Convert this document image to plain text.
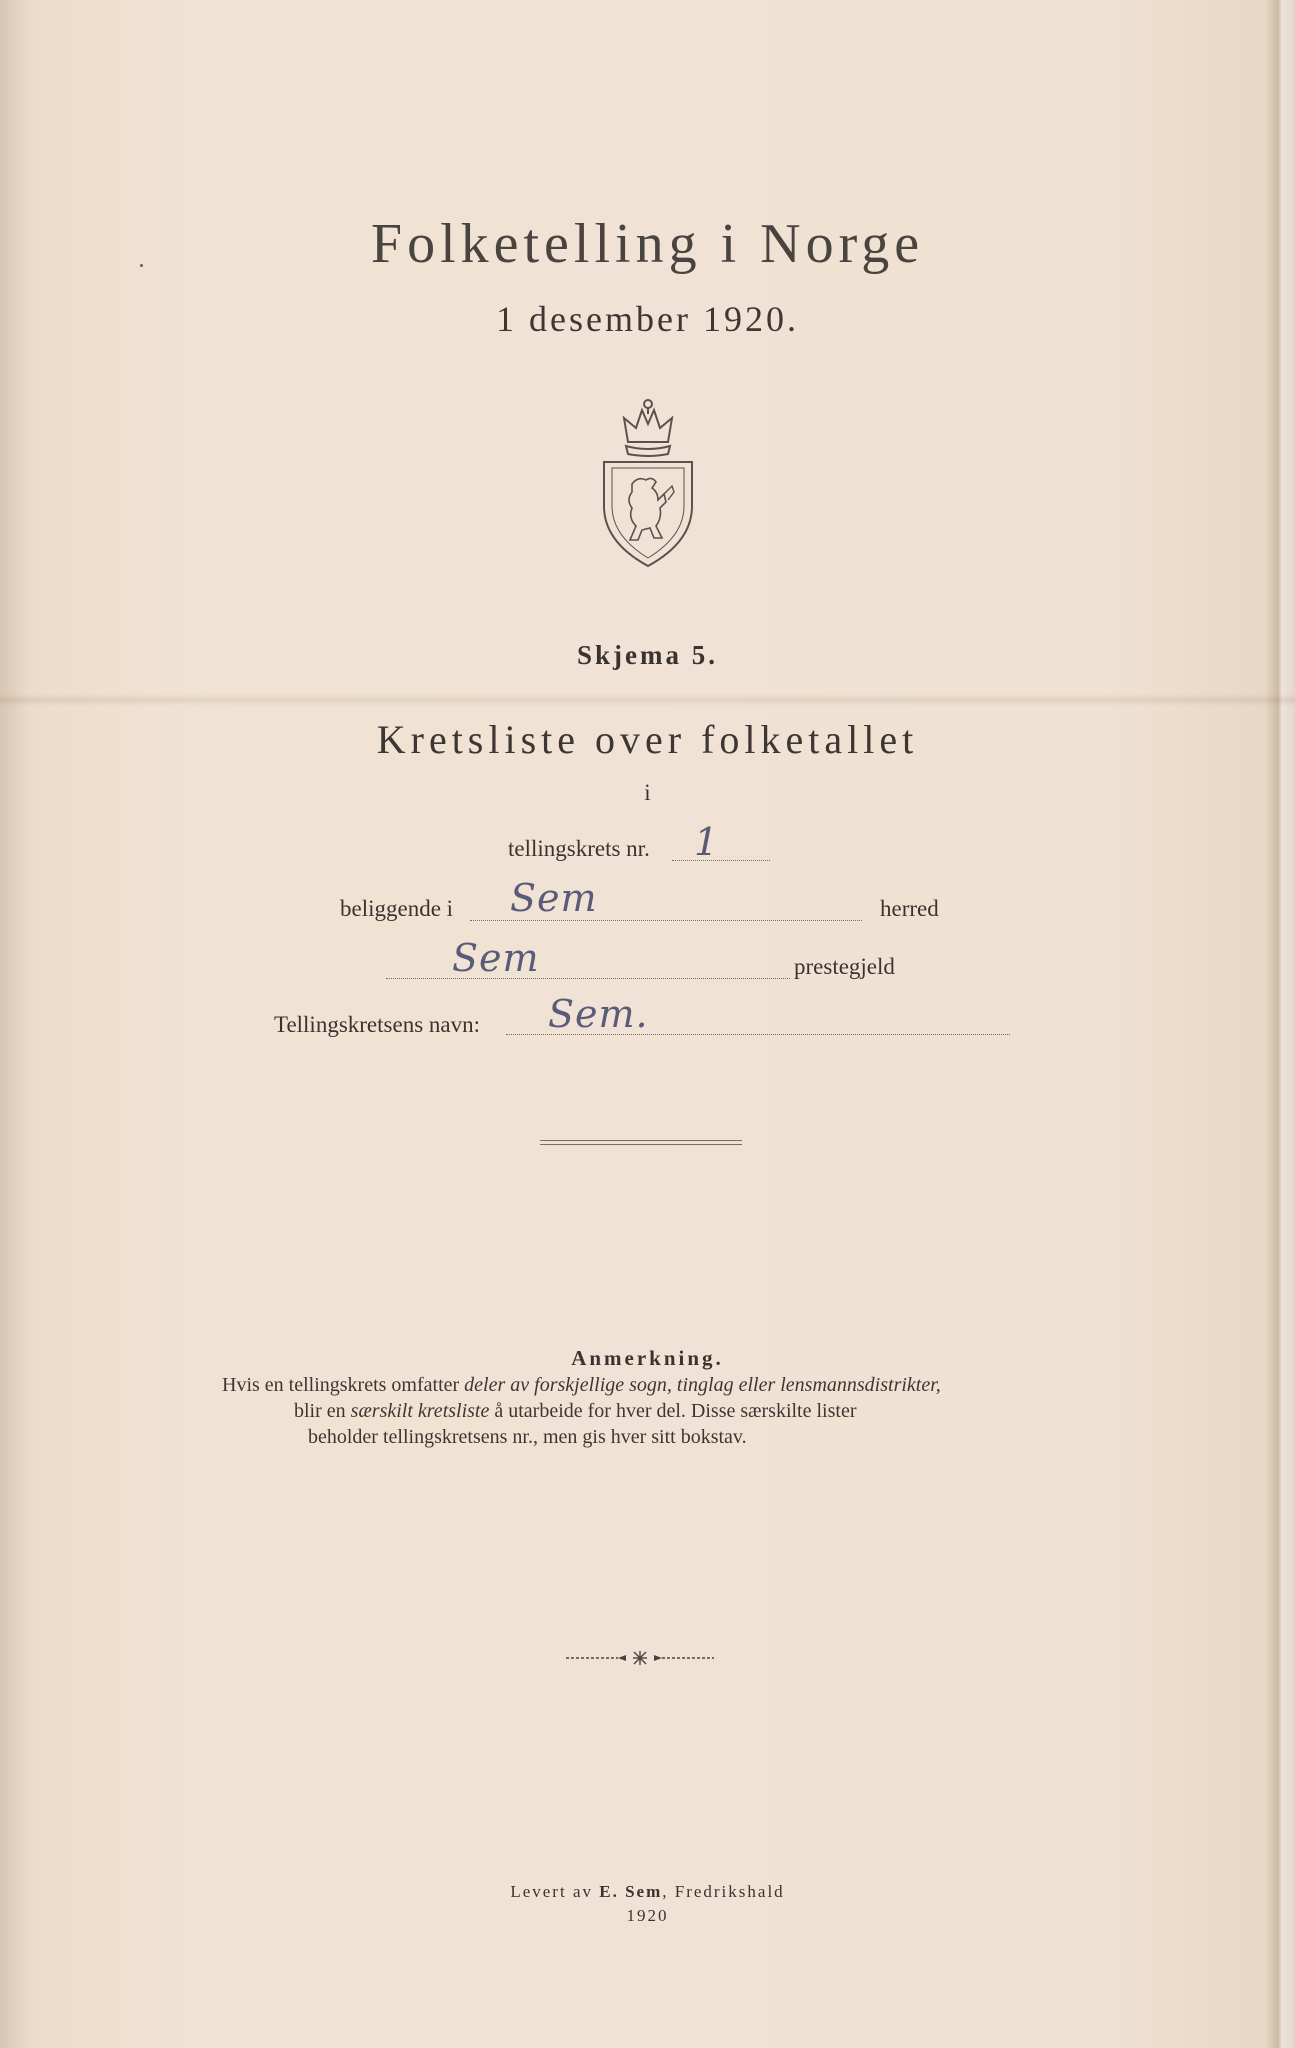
Folketelling i Norge
1 desember 1920.
Skjema 5.
Kretsliste over folketallet
i
tellingskrets nr. 1
beliggende i Sem	herred
Sem	prestegjeld
Tellingskretsens navn: Sem.
Anmerkning.
Hvis en tellingskrets omfatter deler av forskjellige sogn, tinglag eller lensmannsdistrikter,
blir en særskilt kretsliste å utarbeide for hver del. Disse særskilte lister
beholder tellingskretsens nr., men gis hver sitt bokstav.
Levert av E. Sem, Fredrikshald
1920
